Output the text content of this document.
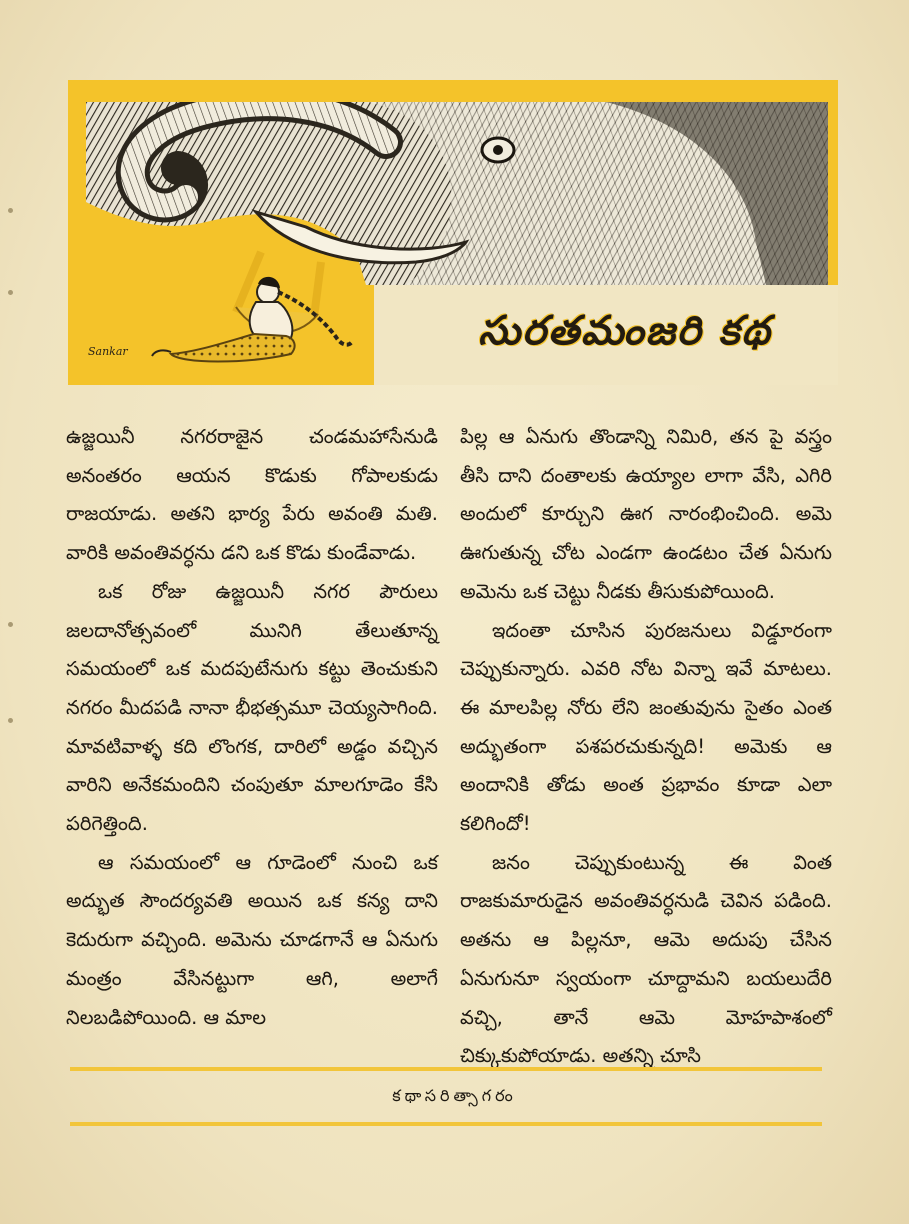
Sankar	సురతమంజరి కథ

ఉజ్జయినీ నగరరాజైన చండమహాసేనుడి అనంతరం ఆయన కొడుకు గోపాలకుడు రాజయాడు. అతని భార్య పేరు అవంతి మతి. వారికి అవంతివర్ధను డని ఒక కొడు కుండేవాడు.

ఒక రోజు ఉజ్జయినీ నగర పౌరులు జలదానోత్సవంలో మునిగి తేలుతూన్న సమయంలో ఒక మదపుటేనుగు కట్టు తెంచుకుని నగరం మీదపడి నానా భీభత్సమూ చెయ్యసాగింది. మావటివాళ్ళ కది లొంగక, దారిలో అడ్డం వచ్చిన వారిని అనేకమందిని చంపుతూ మాలగూడెం కేసి పరిగెత్తింది.

ఆ సమయంలో ఆ గూడెంలో నుంచి ఒక అద్భుత సౌందర్యవతి అయిన ఒక కన్య దాని కెదురుగా వచ్చింది. అమెను చూడగానే ఆ ఏనుగు మంత్రం వేసినట్టుగా ఆగి, అలాగే నిలబడిపోయింది. ఆ మాల

పిల్ల ఆ ఏనుగు తొండాన్ని నిమిరి, తన పై వస్త్రం తీసి దాని దంతాలకు ఉయ్యాల లాగా వేసి, ఎగిరి అందులో కూర్చుని ఊగ నారంభించింది. అమె ఊగుతున్న చోట ఎండగా ఉండటం చేత ఏనుగు అమెను ఒక చెట్టు నీడకు తీసుకుపోయింది.

ఇదంతా చూసిన పురజనులు విడ్డూరంగా చెప్పుకున్నారు. ఎవరి నోట విన్నా ఇవే మాటలు. ఈ మాలపిల్ల నోరు లేని జంతువును సైతం ఎంత అద్భుతంగా పశపరచుకున్నది! అమెకు ఆ అందానికి తోడు అంత ప్రభావం కూడా ఎలా కలిగిందో!

జనం చెప్పుకుంటున్న ఈ వింత రాజకుమారుడైన అవంతివర్ధనుడి చెవిన పడింది. అతను ఆ పిల్లనూ, ఆమె అదుపు చేసిన ఏనుగునూ స్వయంగా చూద్దామని బయలుదేరి వచ్చి, తానే ఆమె మోహపాశంలో చిక్కుకుపోయాడు. అతన్ని చూసి

కథాసరిత్సాగరం
